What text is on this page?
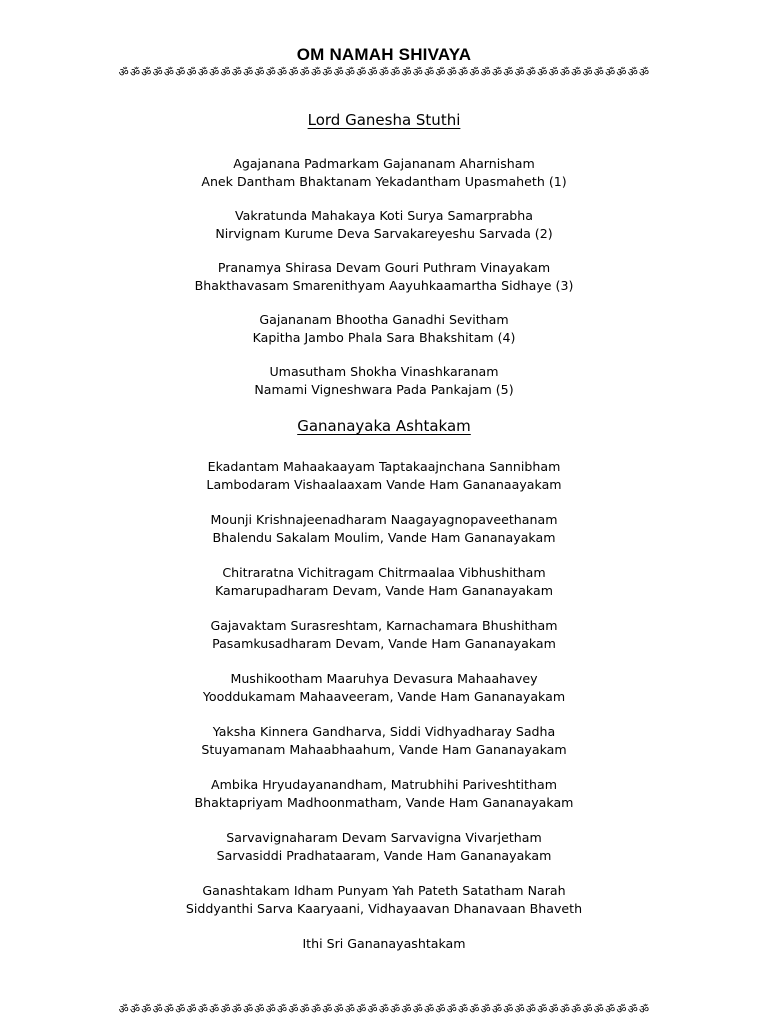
OM NAMAH SHIVAYA
ॐ ॐ ॐ ॐ ॐ ॐ ॐ ॐ ॐ ॐ ॐ ॐ ॐ ॐ ॐ ॐ ॐ ॐ ॐ ॐ ॐ ॐ ॐ ॐ ॐ ॐ ॐ ॐ ॐ ॐ ॐ ॐ ॐ ॐ ॐ ॐ ॐ ॐ ॐ ॐ ॐ ॐ ॐ ॐ ॐ ॐ ॐ
Lord Ganesha Stuthi
Agajanana Padmarkam Gajananam Aharnisham
Anek Dantham Bhaktanam Yekadantham Upasmaheth (1)
Vakratunda Mahakaya Koti Surya Samarprabha
Nirvignam Kurume Deva Sarvakareyeshu Sarvada (2)
Pranamya Shirasa Devam Gouri Puthram Vinayakam
Bhakthavasam Smarenithyam Aayuhkaamartha Sidhaye (3)
Gajananam Bhootha Ganadhi Sevitham
Kapitha Jambo Phala Sara Bhakshitam (4)
Umasutham Shokha Vinashkaranam
Namami Vigneshwara Pada Pankajam (5)
Gananayaka Ashtakam
Ekadantam Mahaakaayam Taptakaajnchana Sannibham
Lambodaram Vishaalaaxam Vande Ham Gananaayakam
Mounji Krishnajeenadharam Naagayagnopaveethanam
Bhalendu Sakalam Moulim, Vande Ham Gananayakam
Chitraratna Vichitragam Chitrmaalaa Vibhushitham
Kamarupadharam Devam, Vande Ham Gananayakam
Gajavaktam Surasreshtam, Karnachamara Bhushitham
Pasamkusadharam Devam, Vande Ham Gananayakam
Mushikootham Maaruhya Devasura Mahaahavey
Yooddukamam Mahaaveeram, Vande Ham Gananayakam
Yaksha Kinnera Gandharva, Siddi Vidhyadharay Sadha
Stuyamanam Mahaabhaahum, Vande Ham Gananayakam
Ambika Hryudayanandham, Matrubhihi Pariveshtitham
Bhaktapriyam Madhoonmatham, Vande Ham Gananayakam
Sarvavignaharam Devam Sarvavigna Vivarjetham
Sarvasiddi Pradhataaram, Vande Ham Gananayakam
Ganashtakam Idham Punyam Yah Pateth Satatham Narah
Siddyanthi Sarva Kaaryaani, Vidhayaavan Dhanavaan Bhaveth
Ithi Sri Gananayashtakam
ॐ ॐ ॐ ॐ ॐ ॐ ॐ ॐ ॐ ॐ ॐ ॐ ॐ ॐ ॐ ॐ ॐ ॐ ॐ ॐ ॐ ॐ ॐ ॐ ॐ ॐ ॐ ॐ ॐ ॐ ॐ ॐ ॐ ॐ ॐ ॐ ॐ ॐ ॐ ॐ ॐ ॐ ॐ ॐ ॐ ॐ ॐ
